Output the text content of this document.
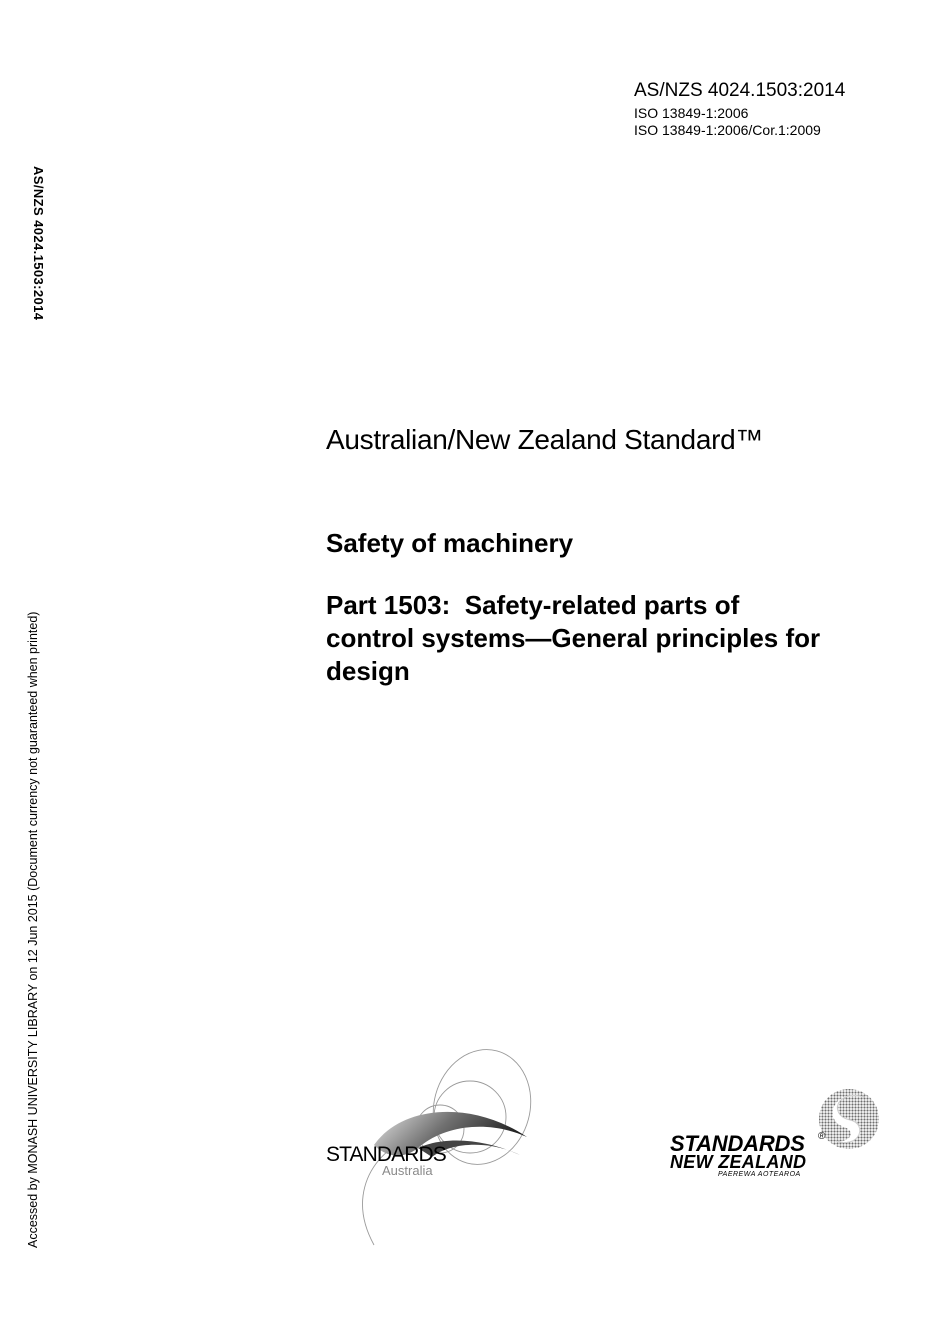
AS/NZS 4024.1503:2014
ISO 13849-1:2006
ISO 13849-1:2006/Cor.1:2009
AS/NZS 4024.1503:2014
Accessed by MONASH UNIVERSITY LIBRARY on 12 Jun 2015 (Document currency not guaranteed when printed)
Australian/New Zealand Standard™
Safety of machinery
Part 1503:  Safety-related parts of
control systems—General principles for
design
STANDARDS
Australia
STANDARDS ®
NEW ZEALAND
PAEREWA AOTEAROA
